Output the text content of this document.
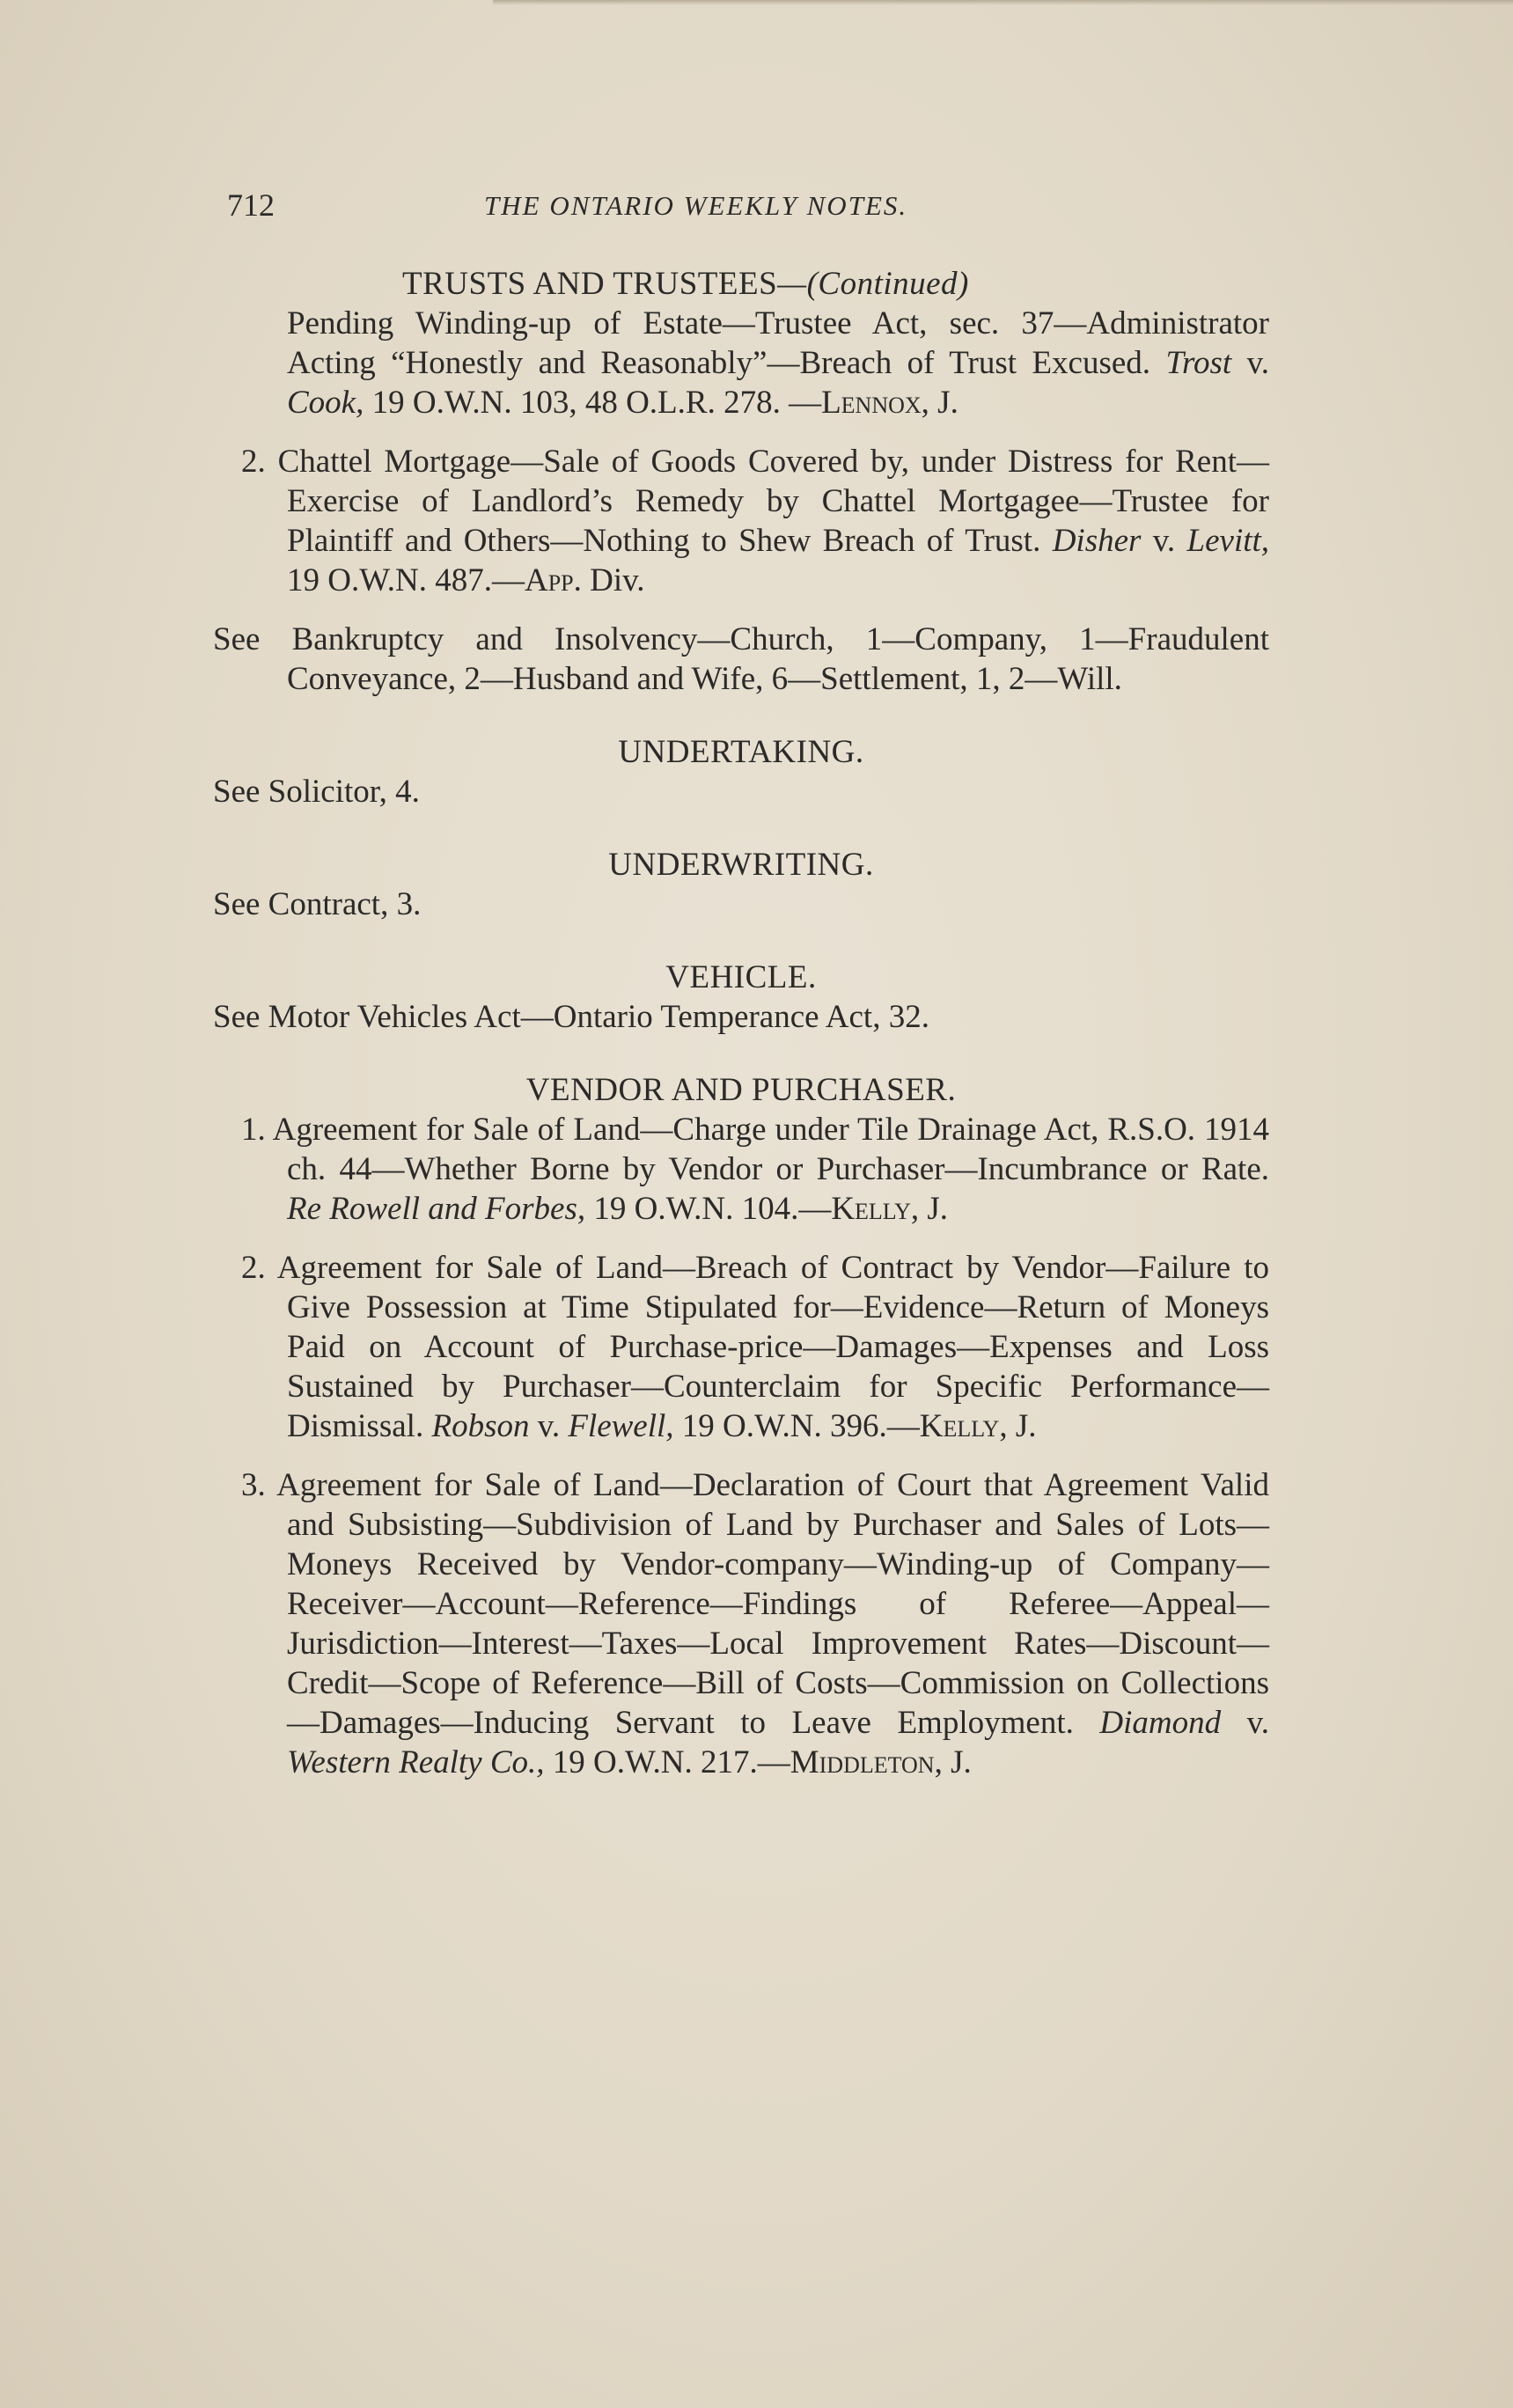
712	THE ONTARIO WEEKLY NOTES.
TRUSTS AND TRUSTEES—(Continued)

Pending Winding-up of Estate—Trustee Act, sec. 37—Administrator Acting “Honestly and Reasonably”—Breach of Trust Excused. Trost v. Cook, 19 O.W.N. 103, 48 O.L.R. 278. —Lennox, J.

2. Chattel Mortgage—Sale of Goods Covered by, under Distress for Rent—Exercise of Landlord’s Remedy by Chattel Mortgagee—Trustee for Plaintiff and Others—Nothing to Shew Breach of Trust. Disher v. Levitt, 19 O.W.N. 487.—App. Div.

See Bankruptcy and Insolvency—Church, 1—Company, 1—Fraudulent Conveyance, 2—Husband and Wife, 6—Settlement, 1, 2—Will.

UNDERTAKING.

See Solicitor, 4.

UNDERWRITING.

See Contract, 3.

VEHICLE.

See Motor Vehicles Act—Ontario Temperance Act, 32.

VENDOR AND PURCHASER.

1. Agreement for Sale of Land—Charge under Tile Drainage Act, R.S.O. 1914 ch. 44—Whether Borne by Vendor or Purchaser—Incumbrance or Rate. Re Rowell and Forbes, 19 O.W.N. 104.—Kelly, J.

2. Agreement for Sale of Land—Breach of Contract by Vendor—Failure to Give Possession at Time Stipulated for—Evidence—Return of Moneys Paid on Account of Purchase-price—Damages—Expenses and Loss Sustained by Purchaser—Counterclaim for Specific Performance—Dismissal. Robson v. Flewell, 19 O.W.N. 396.—Kelly, J.

3. Agreement for Sale of Land—Declaration of Court that Agreement Valid and Subsisting—Subdivision of Land by Purchaser and Sales of Lots—Moneys Received by Vendor-company—Winding-up of Company—Receiver—Account—Reference—Findings of Referee—Appeal—Jurisdiction—Interest—Taxes—Local Improvement Rates—Discount—Credit—Scope of Reference—Bill of Costs—Commission on Collections—Damages—Inducing Servant to Leave Employment. Diamond v. Western Realty Co., 19 O.W.N. 217.—Middleton, J.
